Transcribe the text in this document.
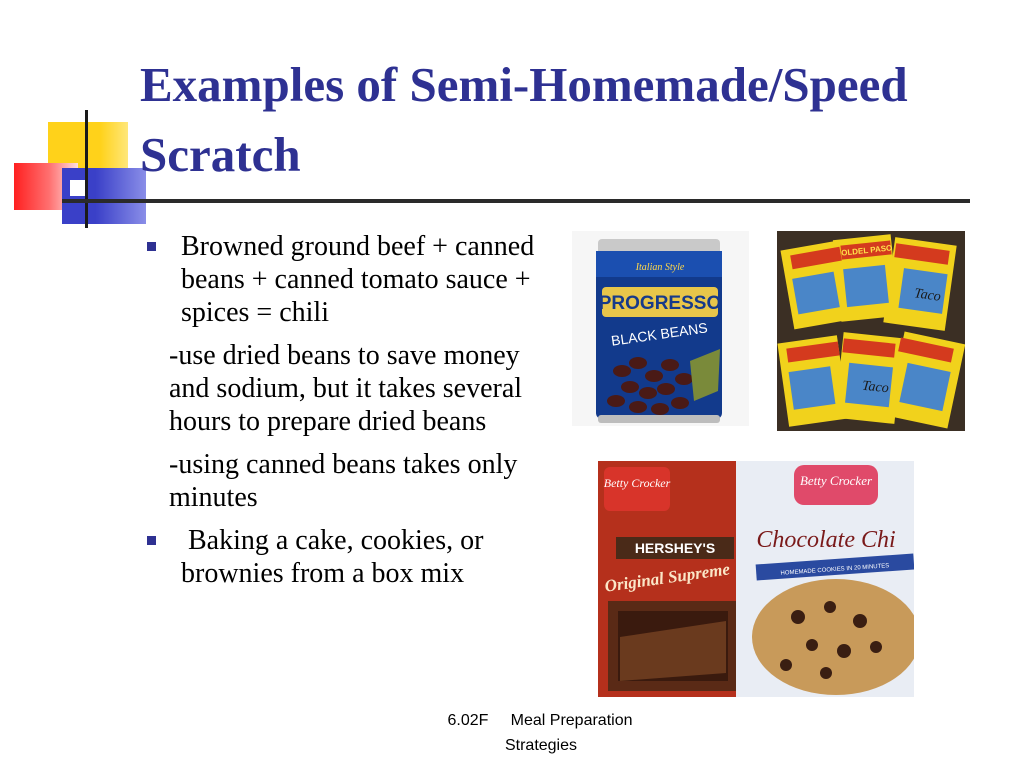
Examples of Semi-Homemade/Speed Scratch

Browned ground beef + canned beans + canned tomato sauce + spices = chili

-use dried beans to save money and sodium, but it takes several hours to prepare dried beans

-using canned beans takes only minutes

Baking a cake, cookies, or brownies from a box mix

Italian Style
PROGRESSO
BLACK BEANS
Taco
Taco
OLDEL PASO
Betty Crocker
HERSHEY'S
Original Supreme
Betty Crocker
Chocolate Chi
HOMEMADE COOKIES IN 20 MINUTES
6.02F Meal Preparation
Strategies
